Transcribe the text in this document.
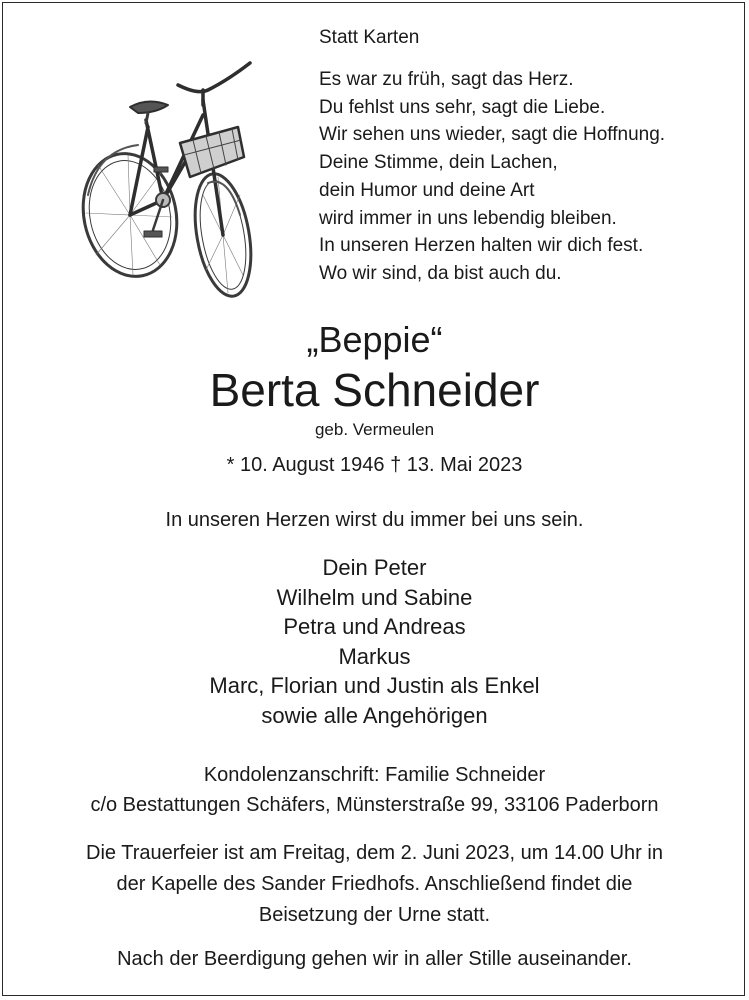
Statt Karten
Es war zu früh, sagt das Herz.
Du fehlst uns sehr, sagt die Liebe.
Wir sehen uns wieder, sagt die Hoffnung.
Deine Stimme, dein Lachen,
dein Humor und deine Art
wird immer in uns lebendig bleiben.
In unseren Herzen halten wir dich fest.
Wo wir sind, da bist auch du.
„Beppie“
Berta Schneider
geb. Vermeulen
* 10. August 1946 † 13. Mai 2023
In unseren Herzen wirst du immer bei uns sein.
Dein Peter
Wilhelm und Sabine
Petra und Andreas
Markus
Marc, Florian und Justin als Enkel
sowie alle Angehörigen
Kondolenzanschrift: Familie Schneider
c/o Bestattungen Schäfers, Münsterstraße 99, 33106 Paderborn
Die Trauerfeier ist am Freitag, dem 2. Juni 2023, um 14.00 Uhr in
der Kapelle des Sander Friedhofs. Anschließend findet die
Beisetzung der Urne statt.
Nach der Beerdigung gehen wir in aller Stille auseinander.
